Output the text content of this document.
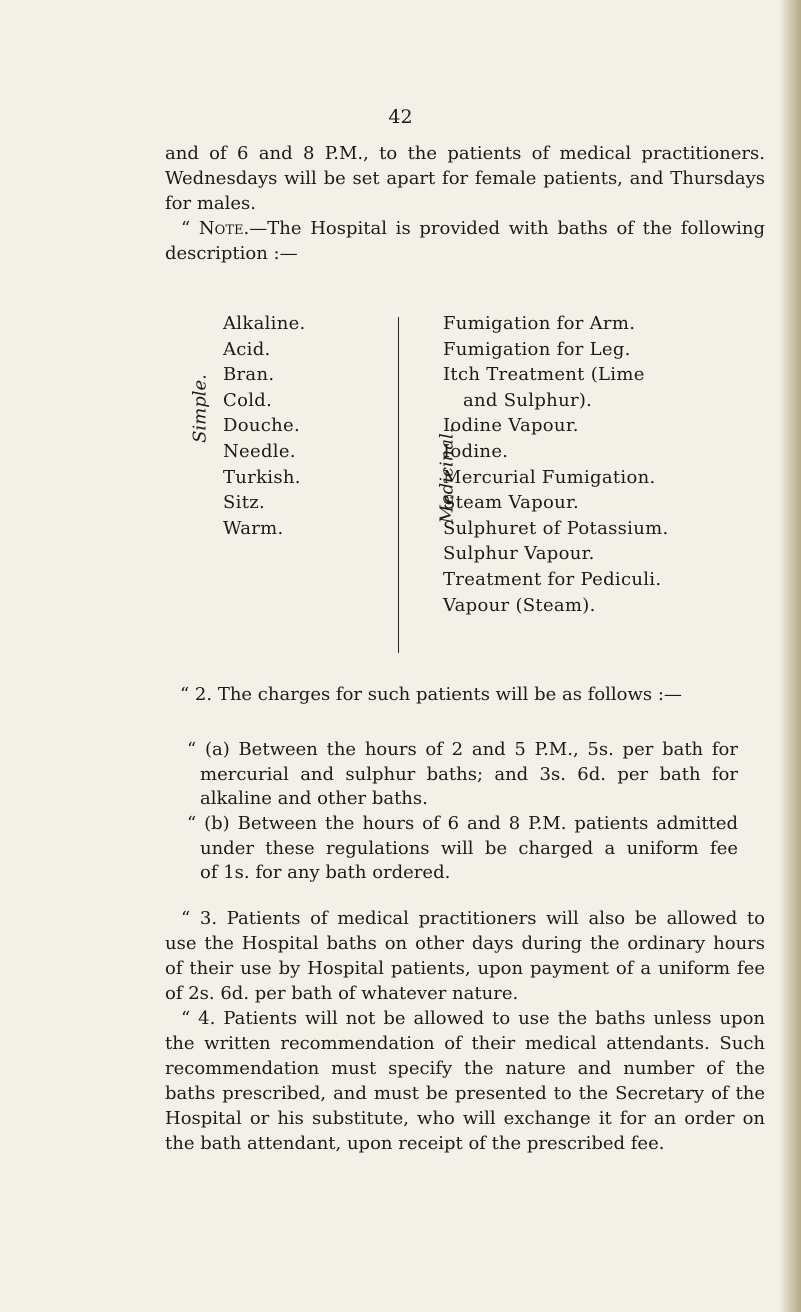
42
and of 6 and 8 P.M., to the patients of medical practitioners.
Wednesdays will be set apart for female patients, and Thursdays
for males.
“ Note.—The Hospital is provided with baths of the following
description :—
Simple.
Alkaline.
Acid.
Bran.
Cold.
Douche.
Needle.
Turkish.
Sitz.
Warm.
Medicinal.
Fumigation for Arm.
Fumigation for Leg.
Itch Treatment (Lime
and Sulphur).
Iodine Vapour.
Iodine.
Mercurial Fumigation.
Steam Vapour.
Sulphuret of Potassium.
Sulphur Vapour.
Treatment for Pediculi.
Vapour (Steam).
“ 2. The charges for such patients will be as follows :—
“ (a) Between the hours of 2 and 5 P.M., 5s. per bath for
mercurial and sulphur baths; and 3s. 6d. per bath for
alkaline and other baths.
“ (b) Between the hours of 6 and 8 P.M. patients admitted
under these regulations will be charged a uniform fee
of 1s. for any bath ordered.
“ 3. Patients of medical practitioners will also be allowed to
use the Hospital baths on other days during the ordinary hours
of their use by Hospital patients, upon payment of a uniform fee
of 2s. 6d. per bath of whatever nature.
“ 4. Patients will not be allowed to use the baths unless upon
the written recommendation of their medical attendants. Such
recommendation must specify the nature and number of the
baths prescribed, and must be presented to the Secretary of the
Hospital or his substitute, who will exchange it for an order on
the bath attendant, upon receipt of the prescribed fee.
